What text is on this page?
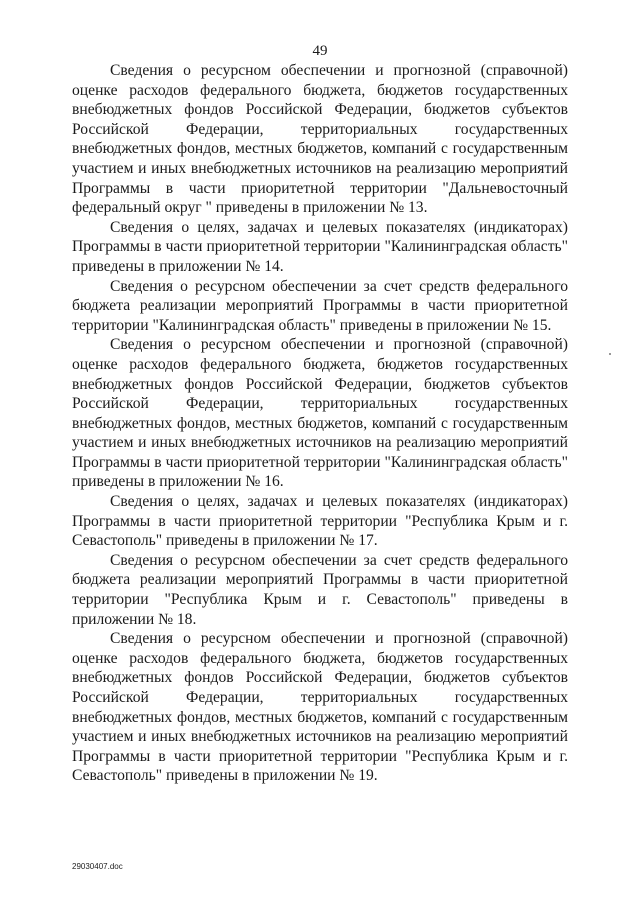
49

Сведения о ресурсном обеспечении и прогнозной (справочной) оценке расходов федерального бюджета, бюджетов государственных внебюджетных фондов Российской Федерации, бюджетов субъектов Российской Федерации, территориальных государственных внебюджетных фондов, местных бюджетов, компаний с государственным участием и иных внебюджетных источников на реализацию мероприятий Программы в части приоритетной территории "Дальневосточный федеральный округ " приведены в приложении № 13.

Сведения о целях, задачах и целевых показателях (индикаторах) Программы в части приоритетной территории "Калининградская область" приведены в приложении № 14.

Сведения о ресурсном обеспечении за счет средств федерального бюджета реализации мероприятий Программы в части приоритетной территории "Калининградская область" приведены в приложении № 15.

Сведения о ресурсном обеспечении и прогнозной (справочной) оценке расходов федерального бюджета, бюджетов государственных внебюджетных фондов Российской Федерации, бюджетов субъектов Российской Федерации, территориальных государственных внебюджетных фондов, местных бюджетов, компаний с государственным участием и иных внебюджетных источников на реализацию мероприятий Программы в части приоритетной территории "Калининградская область" приведены в приложении № 16.

Сведения о целях, задачах и целевых показателях (индикаторах) Программы в части приоритетной территории "Республика Крым и г. Севастополь" приведены в приложении № 17.

Сведения о ресурсном обеспечении за счет средств федерального бюджета реализации мероприятий Программы в части приоритетной территории "Республика Крым и г. Севастополь" приведены в приложении № 18.

Сведения о ресурсном обеспечении и прогнозной (справочной) оценке расходов федерального бюджета, бюджетов государственных внебюджетных фондов Российской Федерации, бюджетов субъектов Российской Федерации, территориальных государственных внебюджетных фондов, местных бюджетов, компаний с государственным участием и иных внебюджетных источников на реализацию мероприятий Программы в части приоритетной территории "Республика Крым и г. Севастополь" приведены в приложении № 19.

29030407.doc
